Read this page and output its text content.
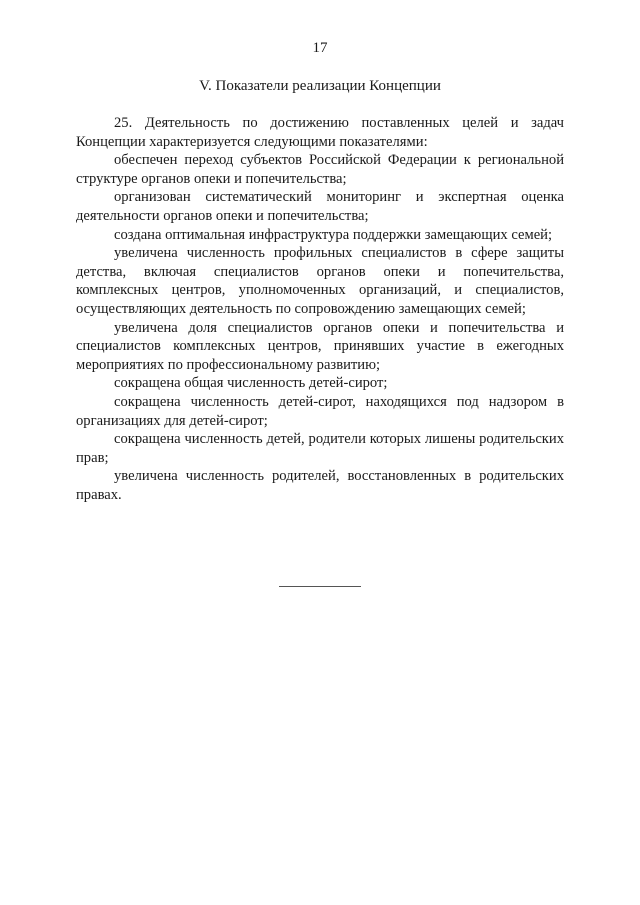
17
V. Показатели реализации Концепции

25. Деятельность по достижению поставленных целей и задач Концепции характеризуется следующими показателями:

обеспечен переход субъектов Российской Федерации к региональной структуре органов опеки и попечительства;

организован систематический мониторинг и экспертная оценка деятельности органов опеки и попечительства;

создана оптимальная инфраструктура поддержки замещающих семей;

увеличена численность профильных специалистов в сфере защиты детства, включая специалистов органов опеки и попечительства, комплексных центров, уполномоченных организаций, и специалистов, осуществляющих деятельность по сопровождению замещающих семей;

увеличена доля специалистов органов опеки и попечительства и специалистов комплексных центров, принявших участие в ежегодных мероприятиях по профессиональному развитию;

сокращена общая численность детей-сирот;

сокращена численность детей-сирот, находящихся под надзором в организациях для детей-сирот;

сокращена численность детей, родители которых лишены родительских прав;

увеличена численность родителей, восстановленных в родительских правах.
